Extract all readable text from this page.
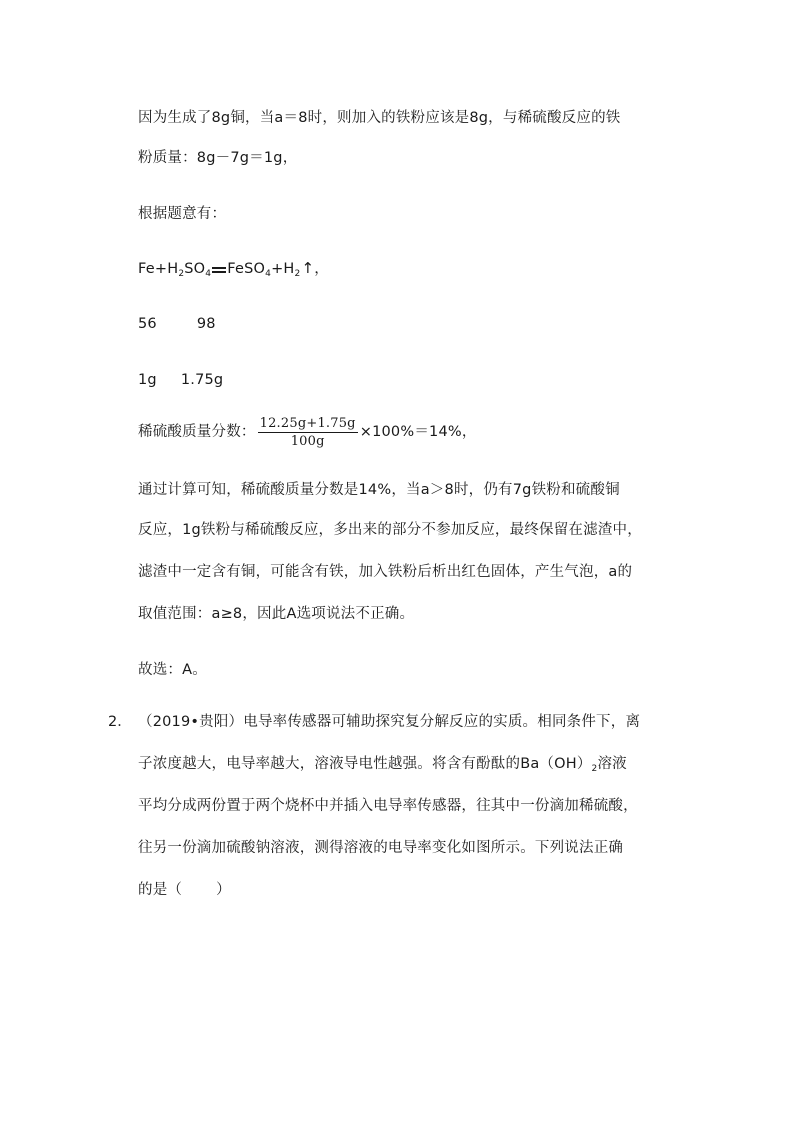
因为生成了8g铜，当a＝8时，则加入的铁粉应该是8g，与稀硫酸反应的铁
粉质量：8g－7g＝1g，
根据题意有：
$Fe+H_2SO_4$ $FeSO_4+H_2↑$，
56	98
1g 1.75g
稀硫酸质量分数： $\frac{12.25g+1.75g}{100g} \times 100\%=14\%$，
通过计算可知，稀硫酸质量分数是14%，当a＞8时，仍有7g铁粉和硫酸铜
反应，1g铁粉与稀硫酸反应，多出来的部分不参加反应，最终保留在滤渣中，
滤渣中一定含有铜，可能含有铁，加入铁粉后析出红色固体，产生气泡，a的
取值范围：a≥8，因此A选项说法不正确。
故选：A。
2． （2019•贵阳）电导率传感器可辅助探究复分解反应的实质。相同条件下，离
子浓度越大，电导率越大，溶液导电性越强。将含有酚酞的$Ba(OH)_2$溶液
平均分成两份置于两个烧杯中并插入电导率传感器，往其中一份滴加稀硫酸，
往另一份滴加硫酸钠溶液，测得溶液的电导率变化如图所示。下列说法正确
的是（ ）
